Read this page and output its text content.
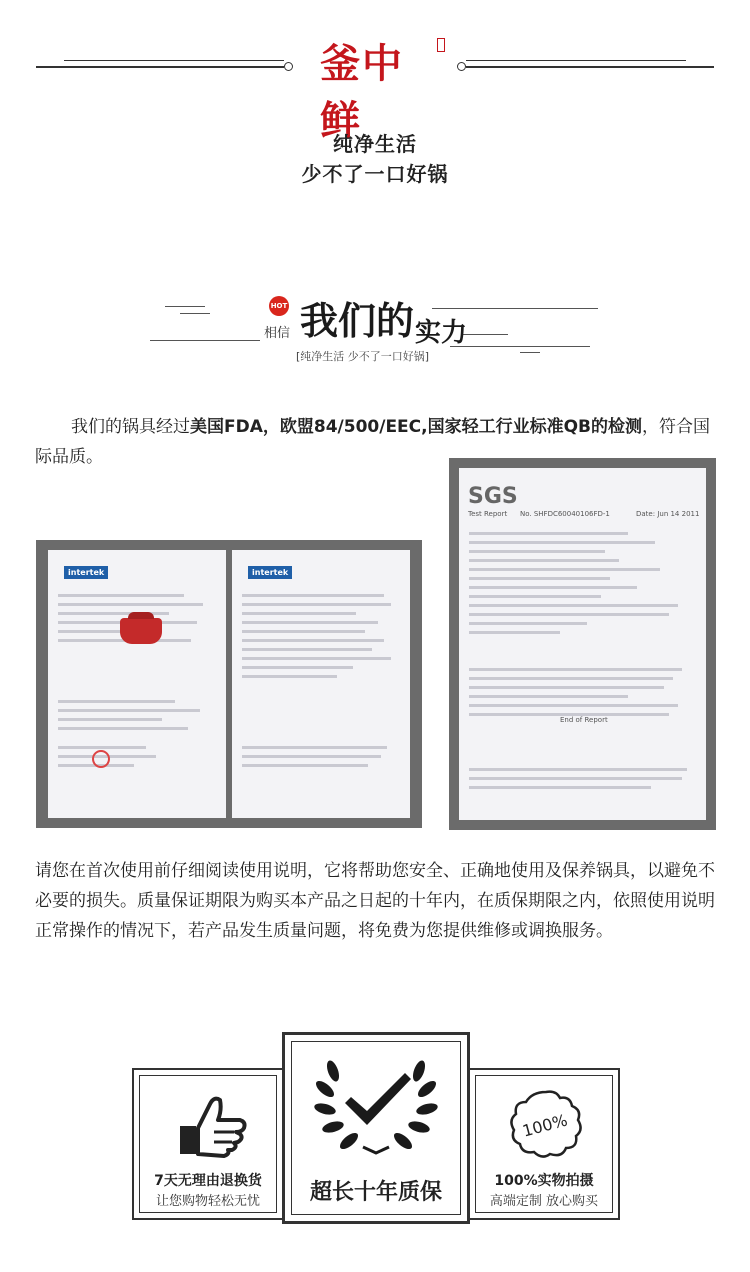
釜中鲜
纯净生活
少不了一口好锅
HOT
相信 我们的 实力
[纯净生活 少不了一口好锅]
我们的锅具经过美国FDA，欧盟84/500/EEC,国家轻工行业标准QB的检测，符合国际品质。
intertek	intertek
SGS
Test Report No. SHFDC60040106FD-1	Date: Jun 14 2011
End of Report
请您在首次使用前仔细阅读使用说明，它将帮助您安全、正确地使用及保养锅具，以避免不必要的损失。质量保证期限为购买本产品之日起的十年内，在质保期限之内，依照使用说明正常操作的情况下，若产品发生质量问题，将免费为您提供维修或调换服务。
7天无理由退换货
让您购物轻松无忧	超长十年质保
100%
100%实物拍摄
高端定制 放心购买
